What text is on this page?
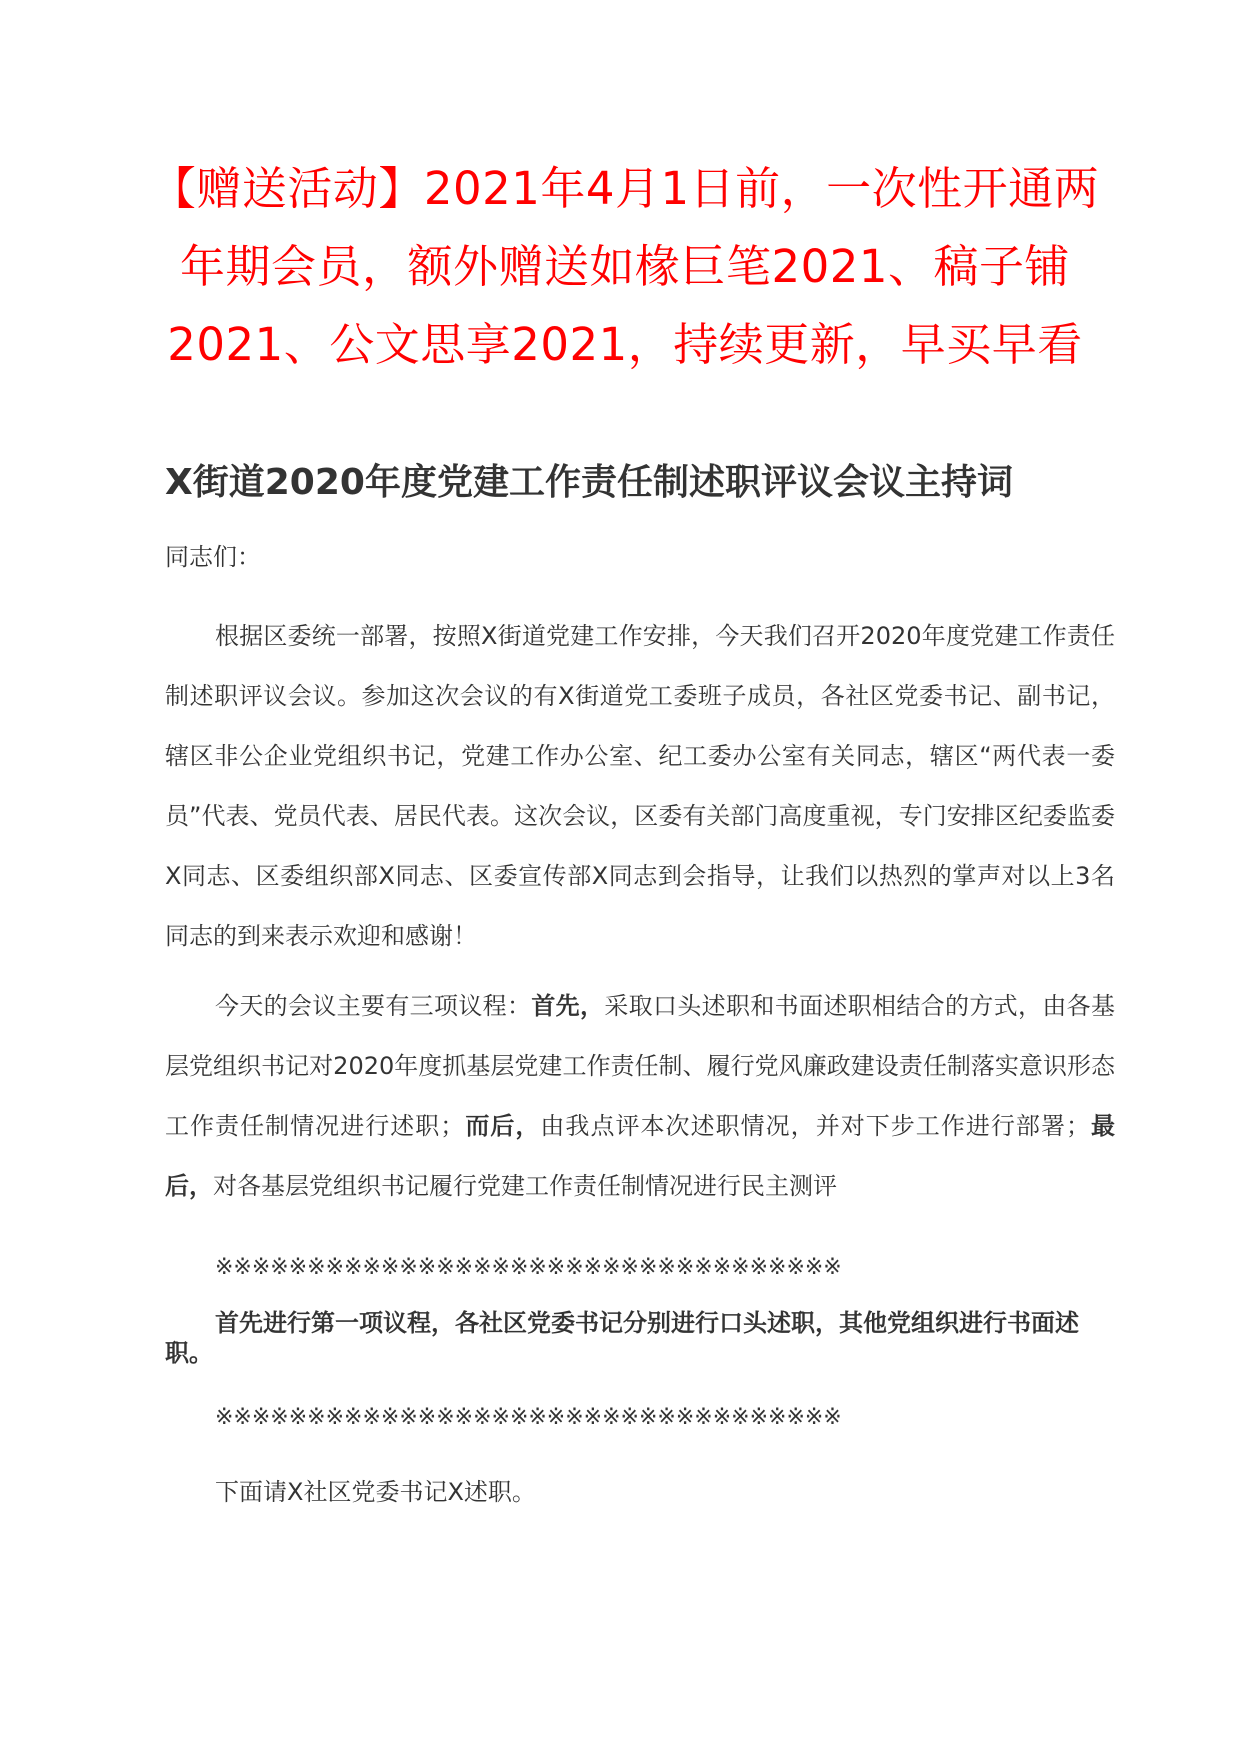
【赠送活动】2021年4月1日前，一次性开通两年期会员，额外赠送如椽巨笔2021、稿子铺2021、公文思享2021，持续更新，早买早看
X街道2020年度党建工作责任制述职评议会议主持词
同志们：
根据区委统一部署，按照X街道党建工作安排，今天我们召开2020年度党建工作责任制述职评议会议。参加这次会议的有X街道党工委班子成员，各社区党委书记、副书记，辖区非公企业党组织书记，党建工作办公室、纪工委办公室有关同志，辖区“两代表一委员”代表、党员代表、居民代表。这次会议，区委有关部门高度重视，专门安排区纪委监委X同志、区委组织部X同志、区委宣传部X同志到会指导，让我们以热烈的掌声对以上3名同志的到来表示欢迎和感谢！
今天的会议主要有三项议程：首先，采取口头述职和书面述职相结合的方式，由各基层党组织书记对2020年度抓基层党建工作责任制、履行党风廉政建设责任制落实意识形态工作责任制情况进行述职；而后，由我点评本次述职情况，并对下步工作进行部署；最后，对各基层党组织书记履行党建工作责任制情况进行民主测评
※※※※※※※※※※※※※※※※※※※※※※※※※※※※※※※※※※
首先进行第一项议程，各社区党委书记分别进行口头述职，其他党组织进行书面述职。
※※※※※※※※※※※※※※※※※※※※※※※※※※※※※※※※※※
下面请X社区党委书记X述职。
